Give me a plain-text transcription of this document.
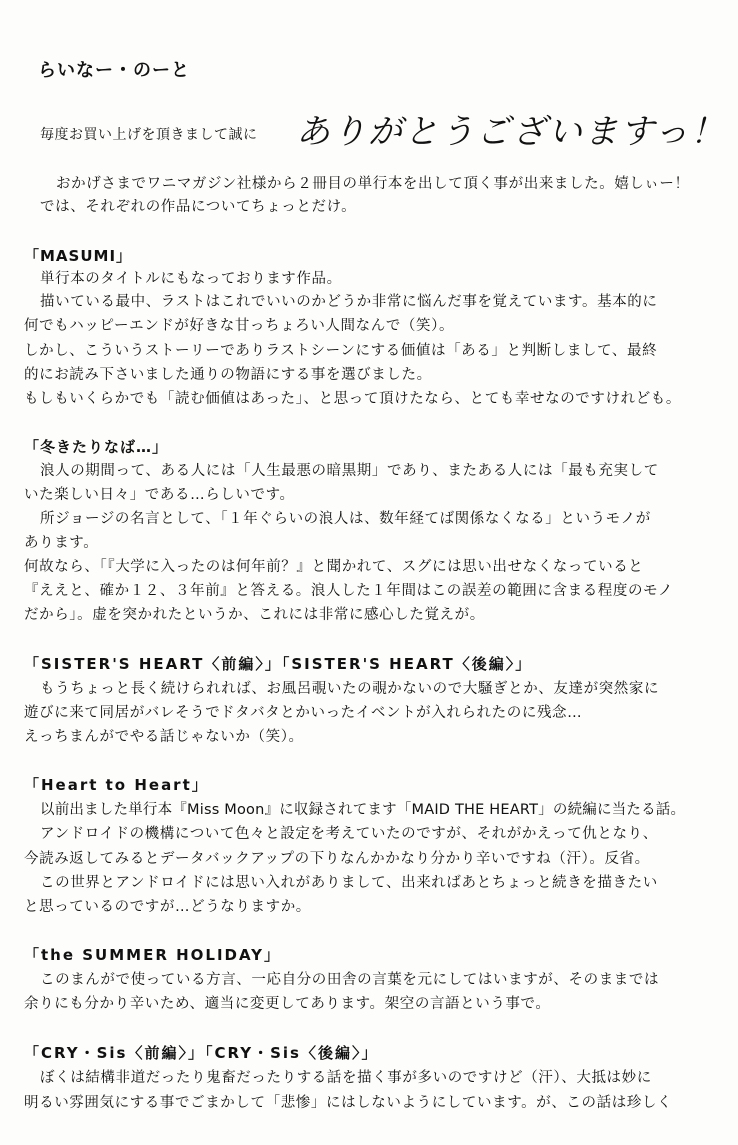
らいなー・のーと
毎度お買い上げを頂きまして誠に ありがとうございますっ！
おかげさまでワニマガジン社様から２冊目の単行本を出して頂く事が出来ました。嬉しぃー！
では、それぞれの作品についてちょっとだけ。
「MASUMI」
単行本のタイトルにもなっております作品。
描いている最中、ラストはこれでいいのかどうか非常に悩んだ事を覚えています。基本的に
何でもハッピーエンドが好きな甘っちょろい人間なんで（笑）。
しかし、こういうストーリーでありラストシーンにする価値は「ある」と判断しまして、最終
的にお読み下さいました通りの物語にする事を選びました。
もしもいくらかでも「読む価値はあった」、と思って頂けたなら、とても幸せなのですけれども。
「冬きたりなば…」
浪人の期間って、ある人には「人生最悪の暗黒期」であり、またある人には「最も充実して
いた楽しい日々」である…らしいです。
所ジョージの名言として、「１年ぐらいの浪人は、数年経てば関係なくなる」というモノが
あります。
何故なら、「『大学に入ったのは何年前？』と聞かれて、スグには思い出せなくなっていると
『ええと、確か１２、３年前』と答える。浪人した１年間はこの誤差の範囲に含まる程度のモノ
だから」。虚を突かれたというか、これには非常に感心した覚えが。
「SISTER'S HEART〈前編〉」「SISTER'S HEART〈後編〉」
もうちょっと長く続けられれば、お風呂覗いたの覗かないので大騒ぎとか、友達が突然家に
遊びに来て同居がバレそうでドタバタとかいったイベントが入れられたのに残念…
えっちまんがでやる話じゃないか（笑）。
「Heart to Heart」
以前出ました単行本『Miss Moon』に収録されてます「MAID THE HEART」の続編に当たる話。
アンドロイドの機構について色々と設定を考えていたのですが、それがかえって仇となり、
今読み返してみるとデータバックアップの下りなんかかなり分かり辛いですね（汗）。反省。
この世界とアンドロイドには思い入れがありまして、出来ればあとちょっと続きを描きたい
と思っているのですが…どうなりますか。
「the SUMMER HOLIDAY」
このまんがで使っている方言、一応自分の田舎の言葉を元にしてはいますが、そのままでは
余りにも分かり辛いため、適当に変更してあります。架空の言語という事で。
「CRY・Sis〈前編〉」「CRY・Sis〈後編〉」
ぼくは結構非道だったり鬼畜だったりする話を描く事が多いのですけど（汗）、大抵は妙に
明るい雰囲気にする事でごまかして「悲惨」にはしないようにしています。が、この話は珍しく
